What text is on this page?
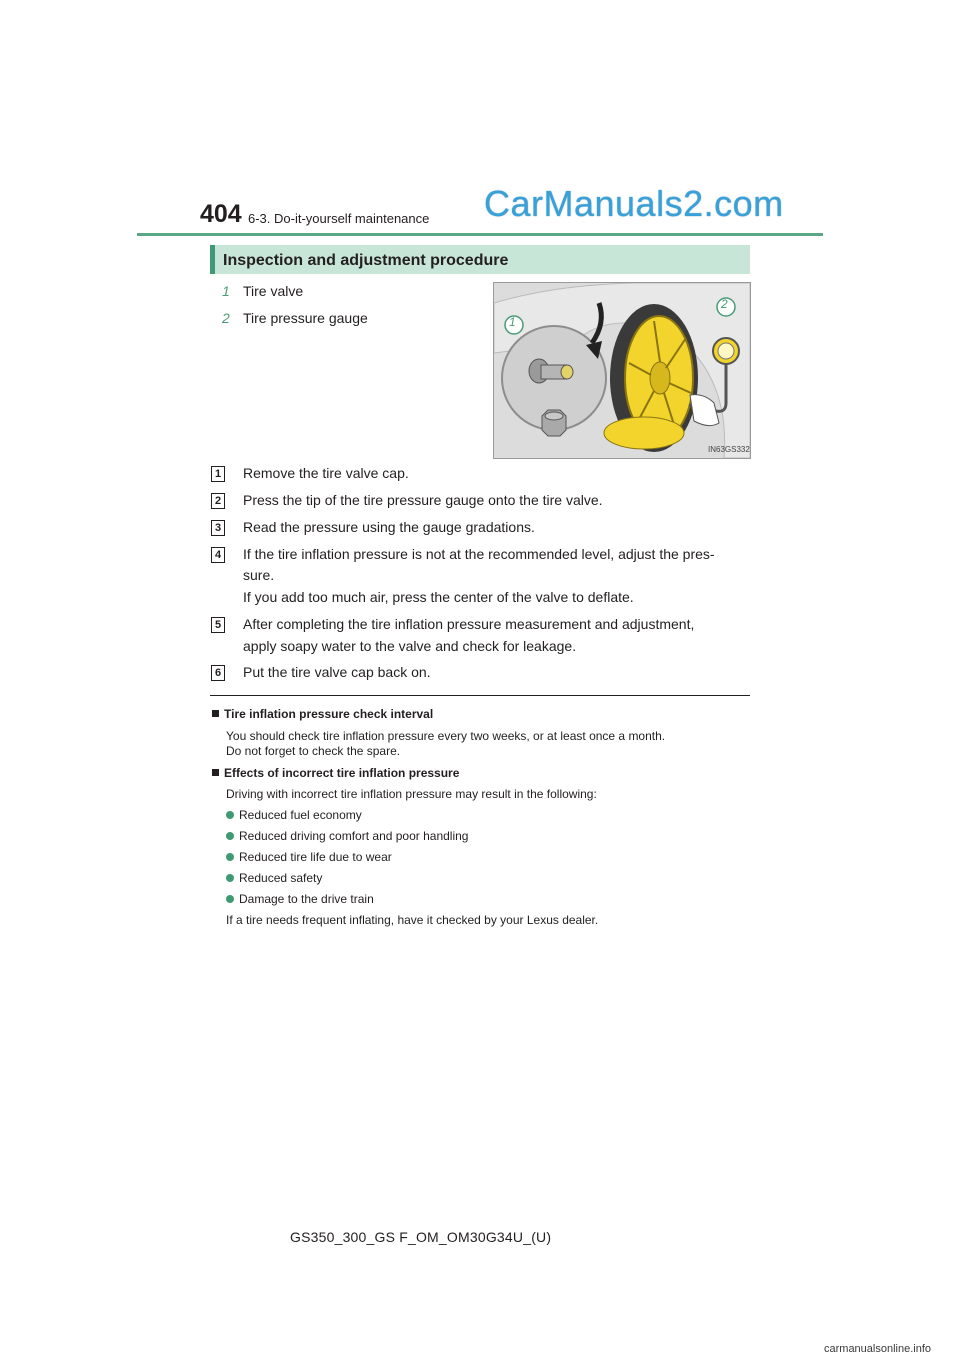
404 6-3. Do-it-yourself maintenance CarManuals2.com
Inspection and adjustment procedure
1 Tire valve
2 Tire pressure gauge	1
2
IN63GS332
1 Remove the tire valve cap.
2 Press the tip of the tire pressure gauge onto the tire valve.
3 Read the pressure using the gauge gradations.
4 If the tire inflation pressure is not at the recommended level, adjust the pres-
sure.
If you add too much air, press the center of the valve to deflate.
5 After completing the tire inflation pressure measurement and adjustment,
apply soapy water to the valve and check for leakage.
6 Put the tire valve cap back on.
Tire inflation pressure check interval
You should check tire inflation pressure every two weeks, or at least once a month.
Do not forget to check the spare.
Effects of incorrect tire inflation pressure
Driving with incorrect tire inflation pressure may result in the following:
Reduced fuel economy
Reduced driving comfort and poor handling
Reduced tire life due to wear
Reduced safety
Damage to the drive train
If a tire needs frequent inflating, have it checked by your Lexus dealer.
GS350_300_GS F_OM_OM30G34U_(U)
carmanualsonline.info
